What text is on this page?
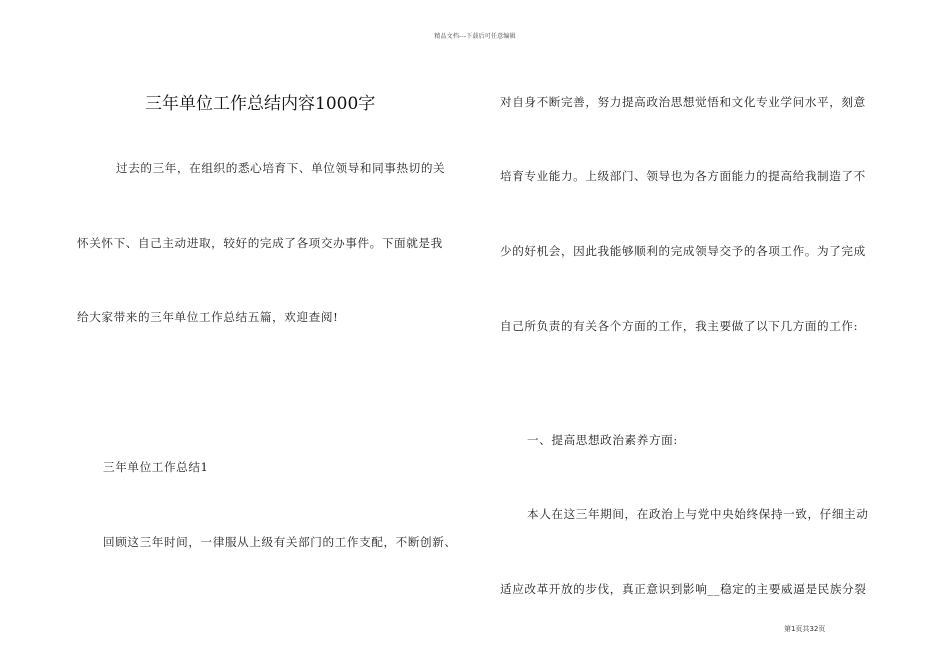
精品文档---下载后可任意编辑
三年单位工作总结内容1000字
过去的三年，在组织的悉心培育下、单位领导和同事热切的关
怀关怀下、自己主动进取，较好的完成了各项交办事件。下面就是我
给大家带来的三年单位工作总结五篇，欢迎查阅!
三年单位工作总结1
回顾这三年时间，一律服从上级有关部门的工作支配，不断创新、
对自身不断完善，努力提高政治思想觉悟和文化专业学问水平，刻意
培育专业能力。上级部门、领导也为各方面能力的提高给我制造了不
少的好机会，因此我能够顺利的完成领导交予的各项工作。为了完成
自己所负责的有关各个方面的工作，我主要做了以下几方面的工作:
一、提高思想政治素养方面:
本人在这三年期间，在政治上与党中央始终保持一致，仔细主动
适应改革开放的步伐，真正意识到影响__稳定的主要威逼是民族分裂
第1页共32页
